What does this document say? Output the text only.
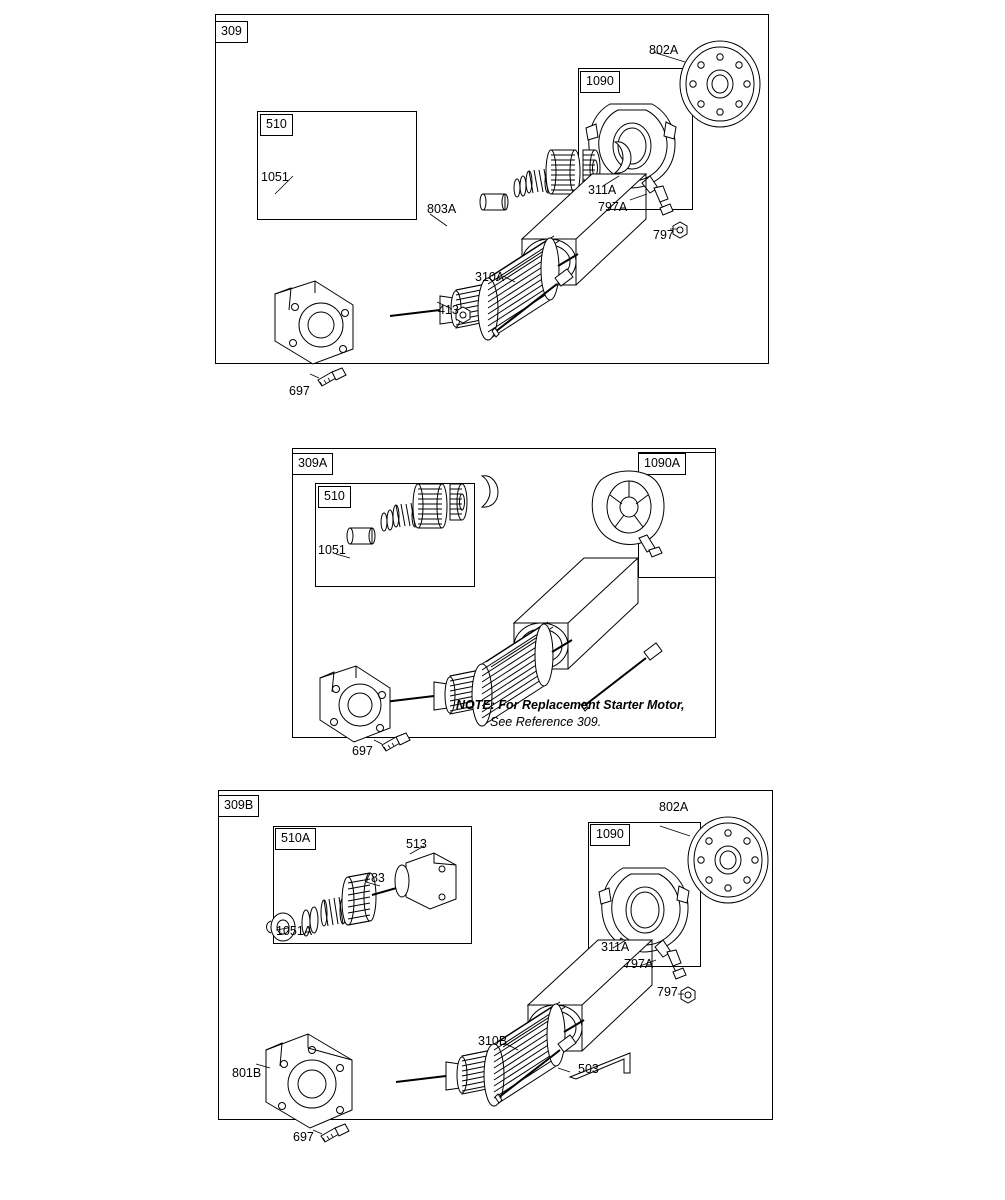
309
510
1090
802A
1051
803A
311A
797A
797
310A
413
697
309A
510
1090A
1051
697
NOTE: For Replacement Starter Motor,
See Reference 309.
309B
510A	1090
802A
513
783
1051A
311A
797A
797
310B
503
801B
697
